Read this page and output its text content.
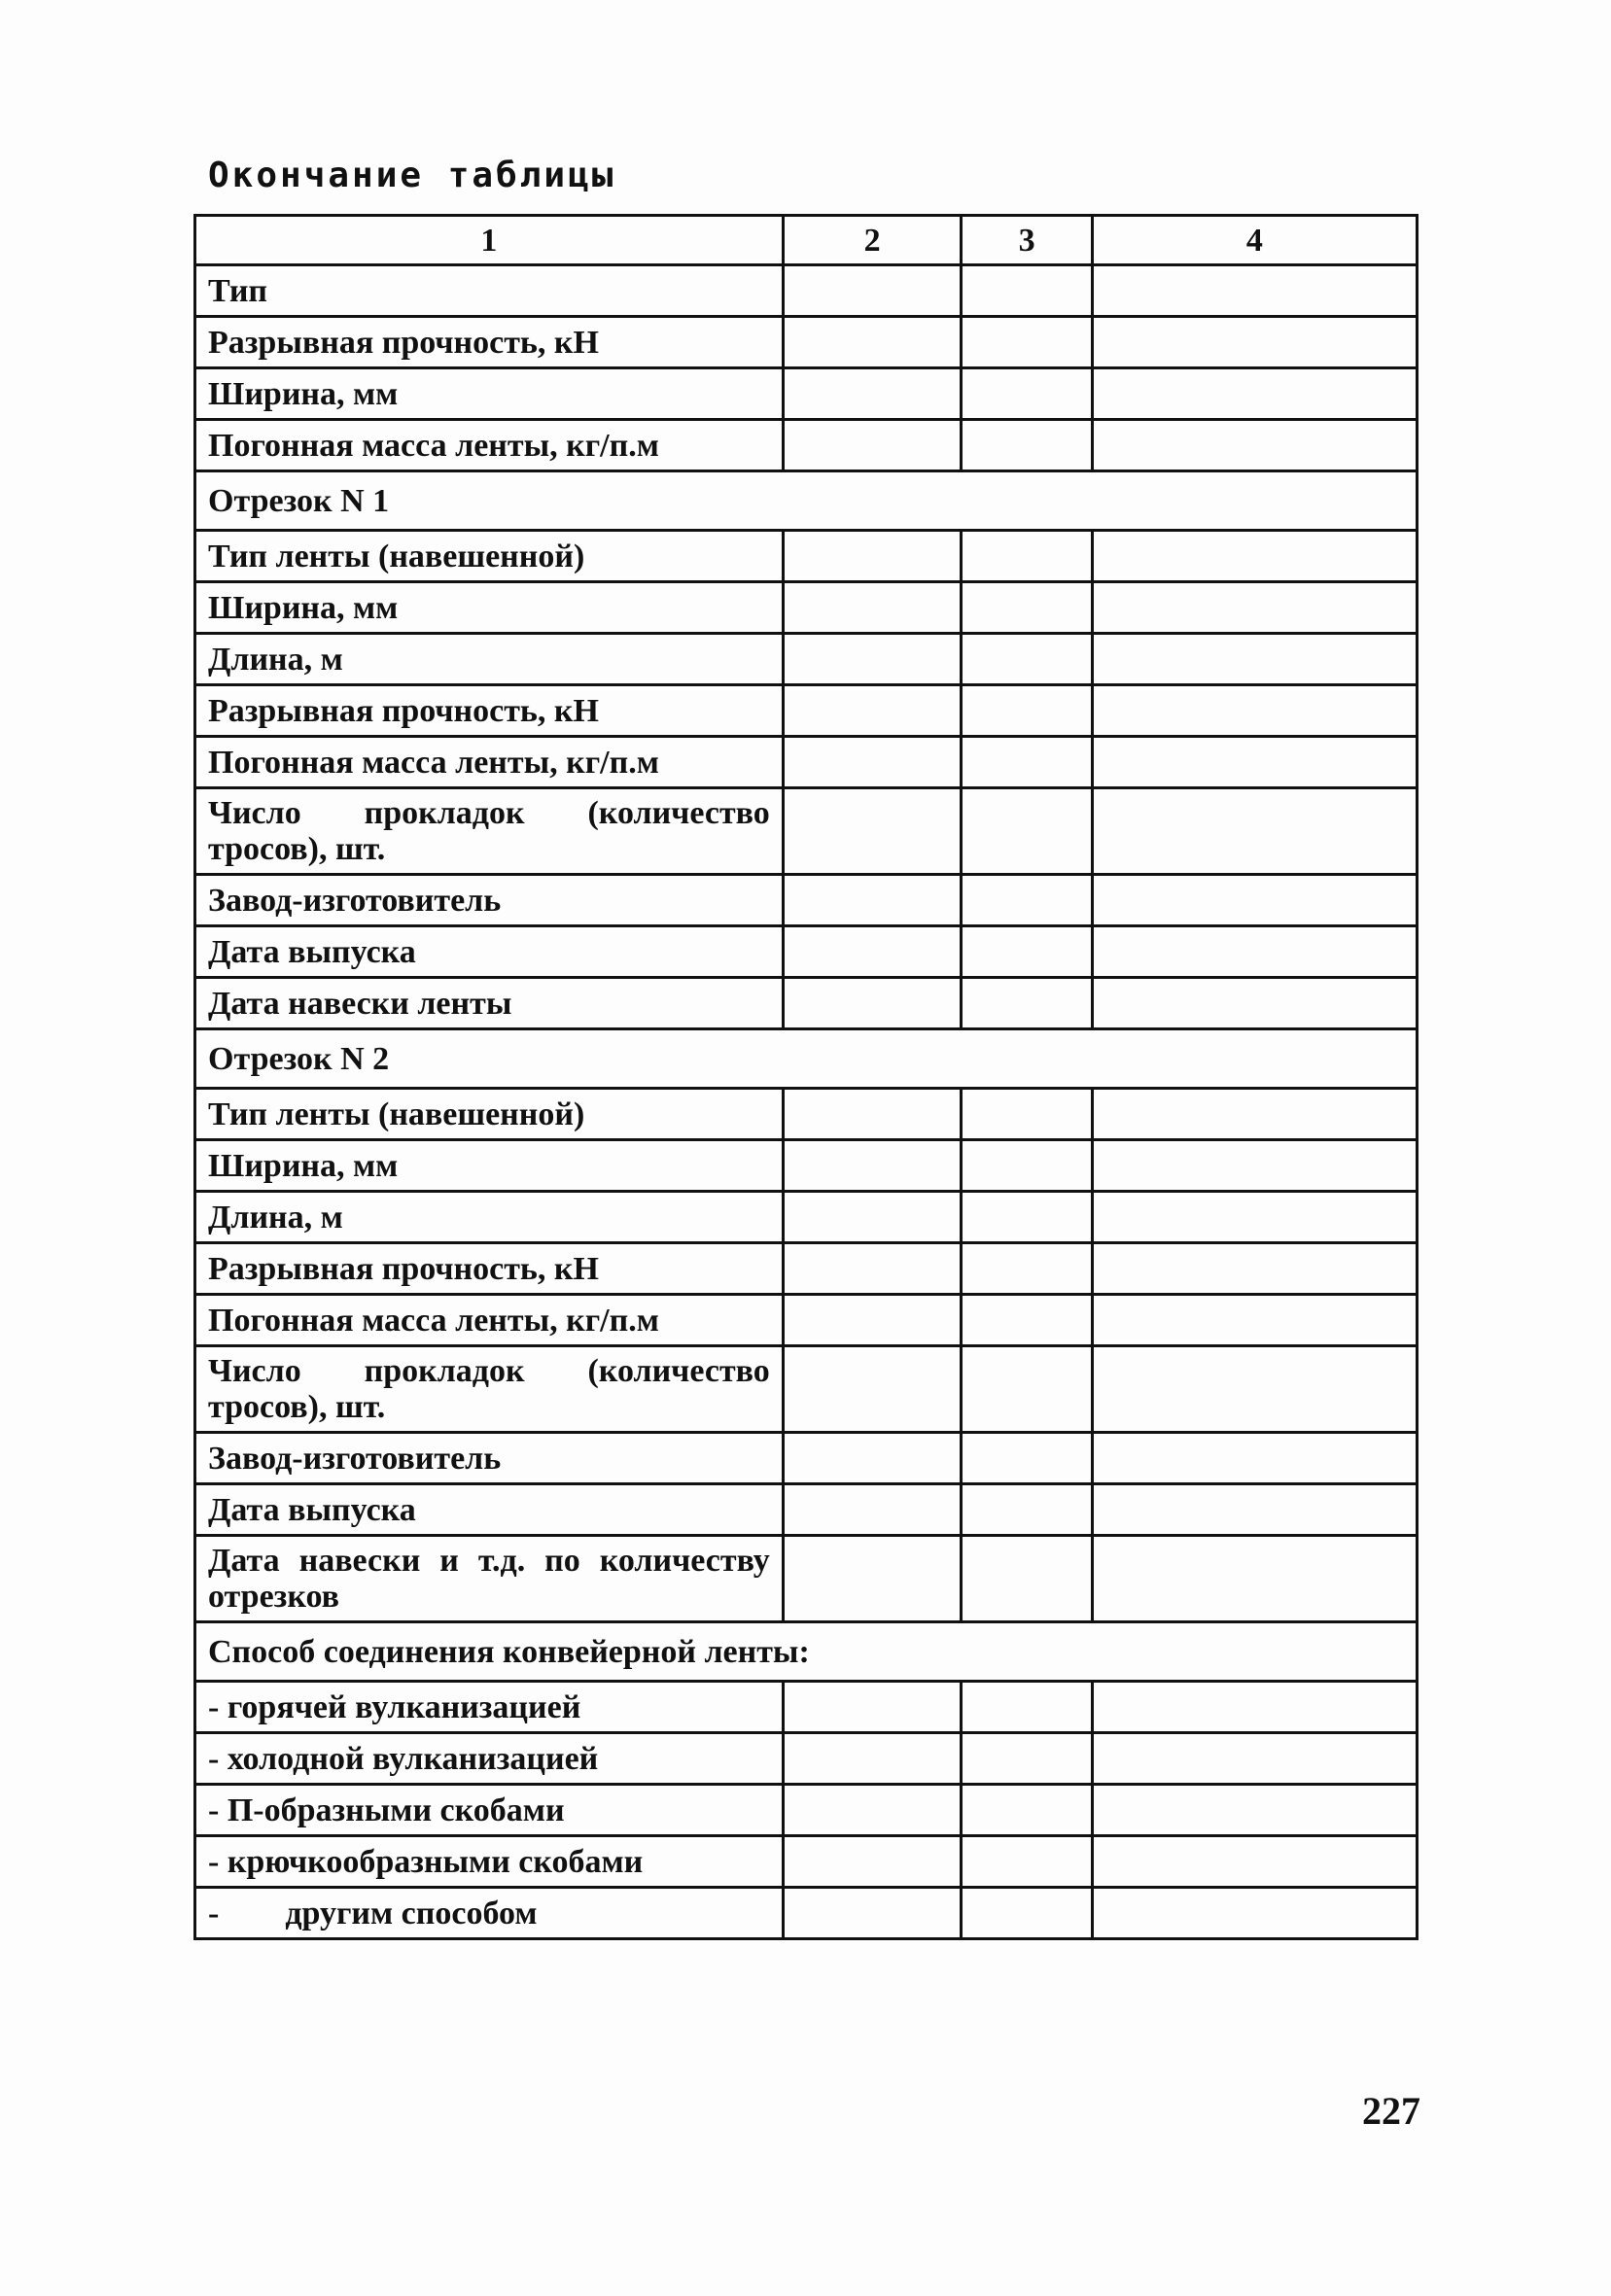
Окончание таблицы
1	2	3	4
Тип			
Разрывная прочность, кН			
Ширина, мм			
Погонная масса ленты, кг/п.м			
Отрезок N 1			
Тип ленты (навешенной)			
Ширина, мм			
Длина, м			
Разрывная прочность, кН			
Погонная масса ленты, кг/п.м			
Число прокладок (количество тросов), шт.			
Завод-изготовитель			
Дата выпуска			
Дата навески ленты			
Отрезок N 2			
Тип ленты (навешенной)			
Ширина, мм			
Длина, м			
Разрывная прочность, кН			
Погонная масса ленты, кг/п.м			
Число прокладок (количество тросов), шт.			
Завод-изготовитель			
Дата выпуска			
Дата навески и т.д. по количеству отрезков			
Способ соединения конвейерной ленты:			
- горячей вулканизацией			
- холодной вулканизацией			
- П-образными скобами			
- крючкообразными скобами			
-        другим способом			
227
